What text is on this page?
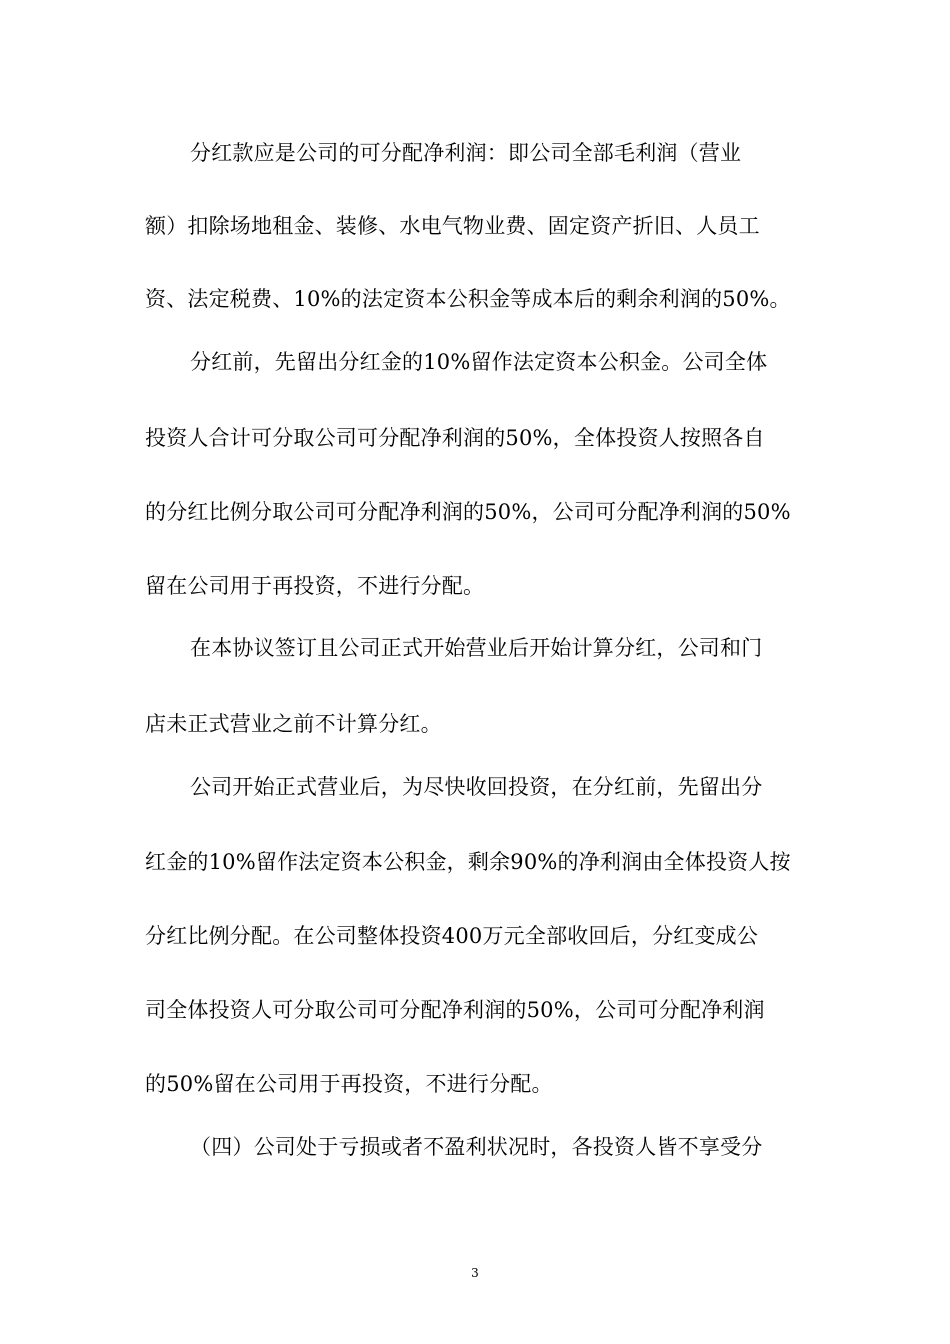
分红款应是公司的可分配净利润：即公司全部毛利润（营业
额）扣除场地租金、装修、水电气物业费、固定资产折旧、人员工
资、法定税费、10%的法定资本公积金等成本后的剩余利润的50%。
分红前，先留出分红金的10%留作法定资本公积金。公司全体
投资人合计可分取公司可分配净利润的50%，全体投资人按照各自
的分红比例分取公司可分配净利润的50%，公司可分配净利润的50%
留在公司用于再投资，不进行分配。
在本协议签订且公司正式开始营业后开始计算分红，公司和门
店未正式营业之前不计算分红。
公司开始正式营业后，为尽快收回投资，在分红前，先留出分
红金的10%留作法定资本公积金，剩余90%的净利润由全体投资人按
分红比例分配。在公司整体投资400万元全部收回后，分红变成公
司全体投资人可分取公司可分配净利润的50%，公司可分配净利润
的50%留在公司用于再投资，不进行分配。
（四）公司处于亏损或者不盈利状况时，各投资人皆不享受分
3
